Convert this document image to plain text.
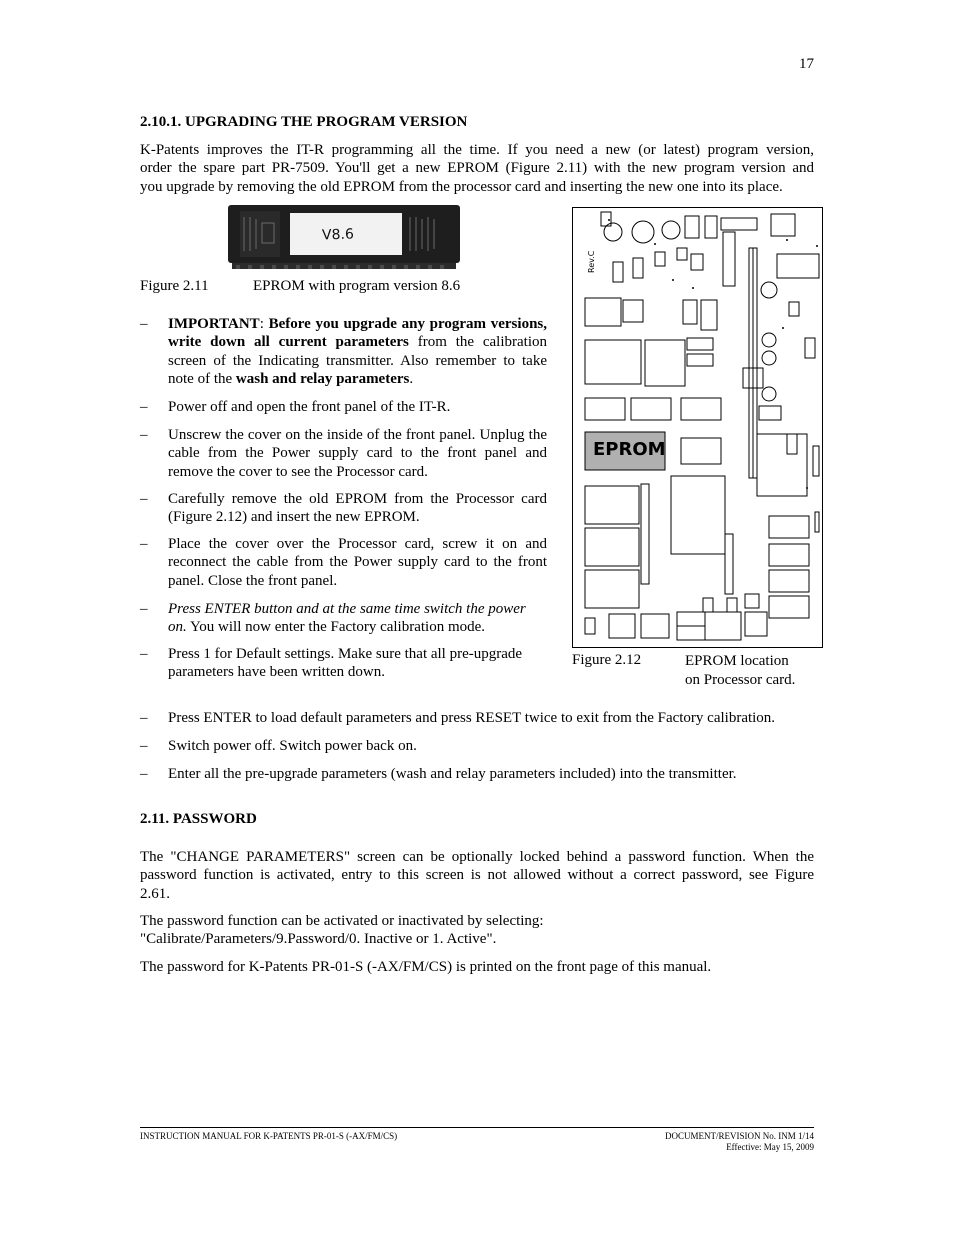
17
2.10.1. UPGRADING THE PROGRAM VERSION
K-Patents improves the IT-R programming all the time. If you need a new (or latest) program version,
order the spare part PR-7509. You'll get a new EPROM (Figure 2.11) with the new program version and
you upgrade by removing the old EPROM from the processor card and inserting the new one into its place.
V8.6
Figure 2.11	EPROM with program version 8.6
– IMPORTANT: Before you upgrade any program versions, write down all current parameters from the calibration screen of the Indicating transmitter. Also remember to take note of the wash and relay parameters.
– Power off and open the front panel of the IT-R.
– Unscrew the cover on the inside of the front panel. Unplug the cable from the Power supply card to the front panel and remove the cover to see the Processor card.
– Carefully remove the old EPROM from the Processor card (Figure 2.12) and insert the new EPROM.
– Place the cover over the Processor card, screw it on and reconnect the cable from the Power supply card to the front panel. Close the front panel.
– Press ENTER button and at the same time switch the power on. You will now enter the Factory calibration mode.
– Press 1 for Default settings. Make sure that all pre-upgrade parameters have been written down.
Rev.C
EPROM
Figure 2.12	EPROM location
on Processor card.
– Press ENTER to load default parameters and press RESET twice to exit from the Factory calibration.
– Switch power off. Switch power back on.
– Enter all the pre-upgrade parameters (wash and relay parameters included) into the transmitter.
2.11. PASSWORD
The "CHANGE PARAMETERS" screen can be optionally locked behind a password function. When the
password function is activated, entry to this screen is not allowed without a correct password, see Figure
2.61.
The password function can be activated or inactivated by selecting:
"Calibrate/Parameters/9.Password/0. Inactive or 1. Active".
The password for K-Patents PR-01-S (-AX/FM/CS) is printed on the front page of this manual.
INSTRUCTION MANUAL FOR K-PATENTS PR-01-S (-AX/FM/CS)	DOCUMENT/REVISION No. INM 1/14
Effective: May 15, 2009
